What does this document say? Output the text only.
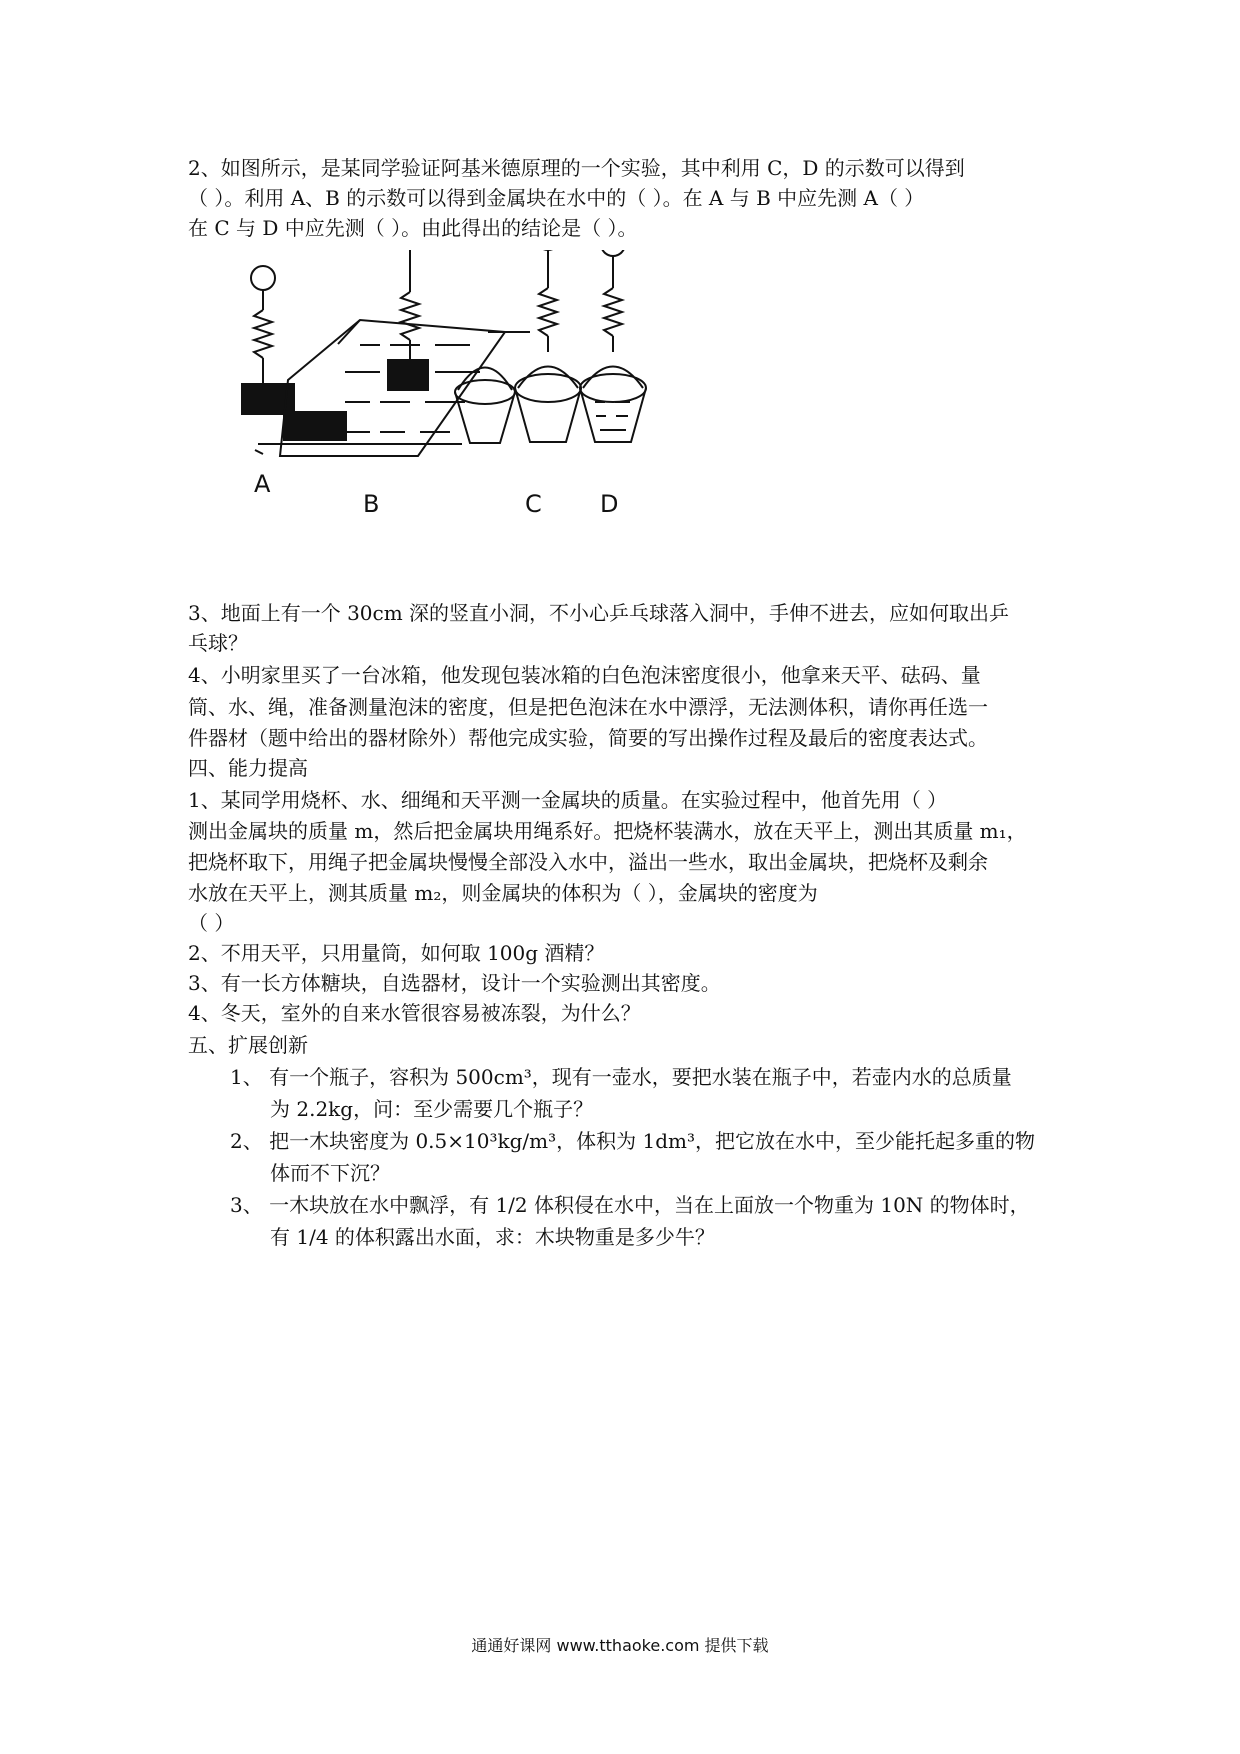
2、如图所示，是某同学验证阿基米德原理的一个实验，其中利用 C，D 的示数可以得到
（ ）。利用 A、B 的示数可以得到金属块在水中的（ ）。在 A 与 B 中应先测 A（ ）
在 C 与 D 中应先测（ ）。由此得出的结论是（ ）。
A
B	C D
3、地面上有一个 30cm 深的竖直小洞，不小心乒乓球落入洞中，手伸不进去，应如何取出乒
乓球？
4、小明家里买了一台冰箱，他发现包装冰箱的白色泡沫密度很小，他拿来天平、砝码、量
筒、水、绳，准备测量泡沫的密度，但是把色泡沫在水中漂浮，无法测体积，请你再任选一
件器材（题中给出的器材除外）帮他完成实验，简要的写出操作过程及最后的密度表达式。
四、能力提高
1、某同学用烧杯、水、细绳和天平测一金属块的质量。在实验过程中，他首先用（ ）
测出金属块的质量 m，然后把金属块用绳系好。把烧杯装满水，放在天平上，测出其质量 m₁，
把烧杯取下，用绳子把金属块慢慢全部没入水中，溢出一些水，取出金属块，把烧杯及剩余
水放在天平上，测其质量 m₂，则金属块的体积为（ ），金属块的密度为
（ ）
2、不用天平，只用量筒，如何取 100g 酒精？
3、有一长方体糖块，自选器材，设计一个实验测出其密度。
4、冬天，室外的自来水管很容易被冻裂，为什么？
五、扩展创新
1、 有一个瓶子，容积为 500cm³，现有一壶水，要把水装在瓶子中，若壶内水的总质量
为 2.2kg，问：至少需要几个瓶子？
2、 把一木块密度为 0.5×10³kg/m³，体积为 1dm³，把它放在水中，至少能托起多重的物
体而不下沉？
3、 一木块放在水中飘浮，有 1/2 体积侵在水中，当在上面放一个物重为 10N 的物体时，
有 1/4 的体积露出水面，求：木块物重是多少牛？
通通好课网 www.tthaoke.com 提供下载
